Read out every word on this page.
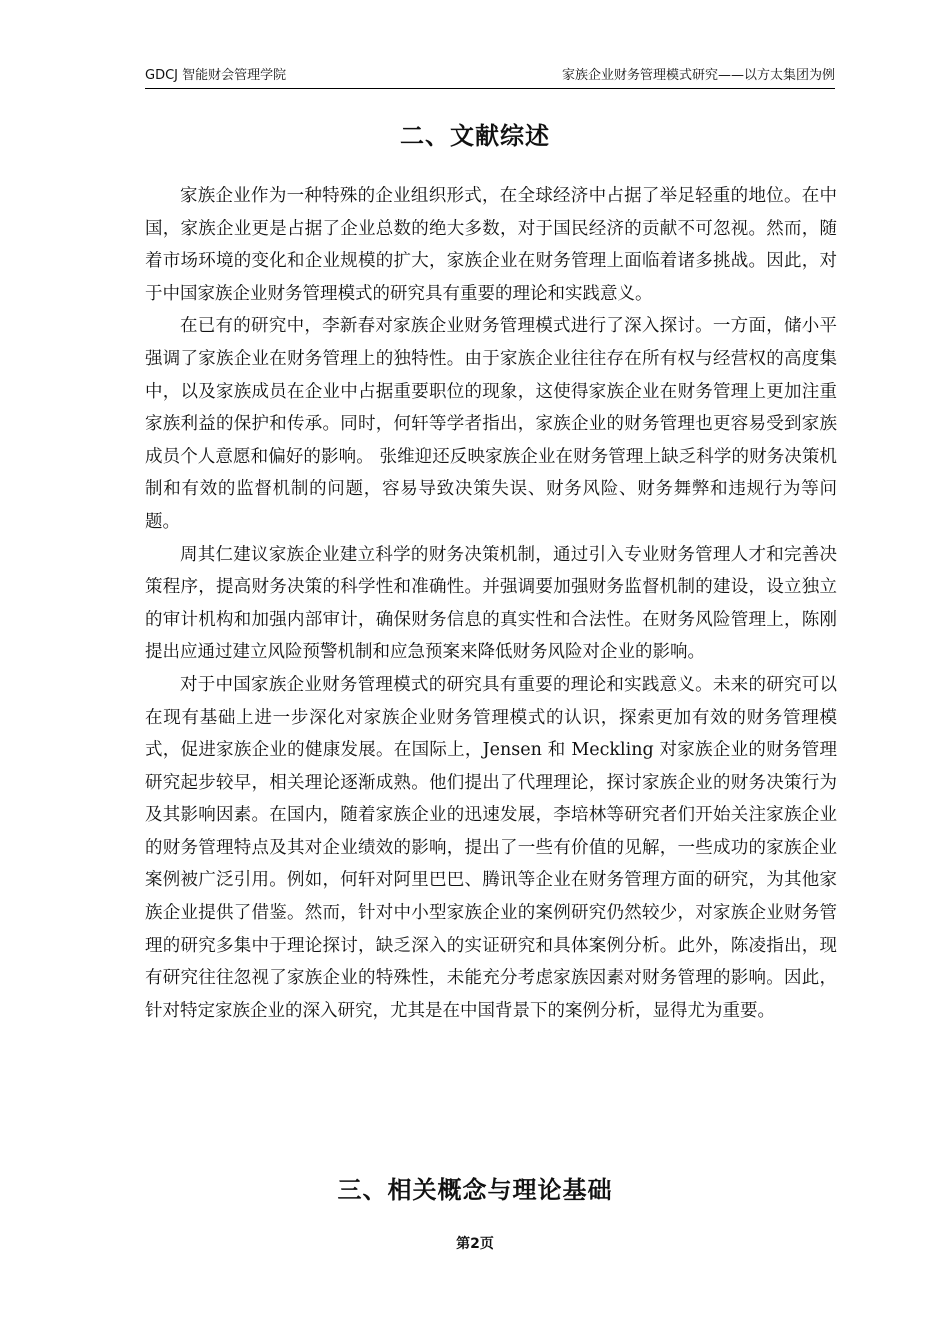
GDCJ 智能财会管理学院	家族企业财务管理模式研究——以方太集团为例
二、文献综述

家族企业作为一种特殊的企业组织形式，在全球经济中占据了举足轻重的地位。在中国，家族企业更是占据了企业总数的绝大多数，对于国民经济的贡献不可忽视。然而，随着市场环境的变化和企业规模的扩大，家族企业在财务管理上面临着诸多挑战。因此，对于中国家族企业财务管理模式的研究具有重要的理论和实践意义。

在已有的研究中，李新春对家族企业财务管理模式进行了深入探讨。一方面，储小平强调了家族企业在财务管理上的独特性。由于家族企业往往存在所有权与经营权的高度集中，以及家族成员在企业中占据重要职位的现象，这使得家族企业在财务管理上更加注重家族利益的保护和传承。同时，何轩等学者指出，家族企业的财务管理也更容易受到家族成员个人意愿和偏好的影响。 张维迎还反映家族企业在财务管理上缺乏科学的财务决策机制和有效的监督机制的问题，容易导致决策失误、财务风险、财务舞弊和违规行为等问题。

周其仁建议家族企业建立科学的财务决策机制，通过引入专业财务管理人才和完善决策程序，提高财务决策的科学性和准确性。并强调要加强财务监督机制的建设，设立独立的审计机构和加强内部审计，确保财务信息的真实性和合法性。在财务风险管理上，陈刚提出应通过建立风险预警机制和应急预案来降低财务风险对企业的影响。

对于中国家族企业财务管理模式的研究具有重要的理论和实践意义。未来的研究可以在现有基础上进一步深化对家族企业财务管理模式的认识，探索更加有效的财务管理模式，促进家族企业的健康发展。在国际上，Jensen 和 Meckling 对家族企业的财务管理研究起步较早，相关理论逐渐成熟。他们提出了代理理论，探讨家族企业的财务决策行为及其影响因素。在国内，随着家族企业的迅速发展，李培林等研究者们开始关注家族企业的财务管理特点及其对企业绩效的影响，提出了一些有价值的见解，一些成功的家族企业案例被广泛引用。例如，何轩对阿里巴巴、腾讯等企业在财务管理方面的研究，为其他家族企业提供了借鉴。然而，针对中小型家族企业的案例研究仍然较少，对家族企业财务管理的研究多集中于理论探讨，缺乏深入的实证研究和具体案例分析。此外，陈凌指出，现有研究往往忽视了家族企业的特殊性，未能充分考虑家族因素对财务管理的影响。因此，针对特定家族企业的深入研究，尤其是在中国背景下的案例分析，显得尤为重要。

三、相关概念与理论基础
第2页
